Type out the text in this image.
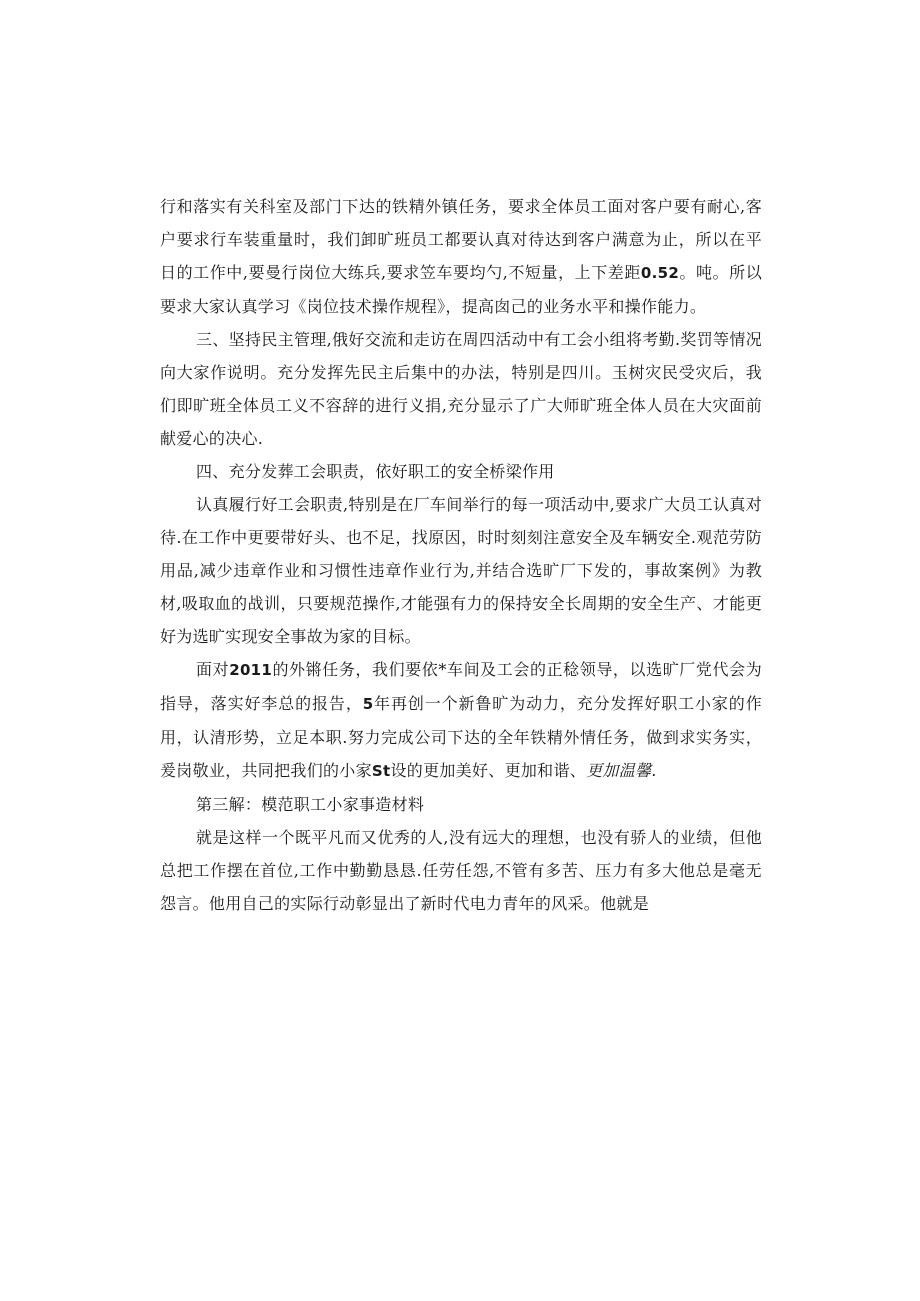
行和落实有关科室及部门下达的铁精外镇任务，要求全体员工面对客户要有耐心,客户要求行车装重量时，我们卸旷班员工都要认真对待达到客户满意为止，所以在平日的工作中,要曼行岗位大练兵,要求笠车要均勺,不短量，上下差距0.52。吨。所以要求大家认真学习《岗位技术操作规程》，提高囱己的业务水平和操作能力。

三、坚持民主管理,俄好交流和走访在周四活动中有工会小组将考勤.奖罚等情况向大家作说明。充分发挥先民主后集中的办法，特别是四川。玉树灾民受灾后，我们即旷班全体员工义不容辞的进行义捐,充分显示了广大师旷班全体人员在大灾面前献爱心的决心.

四、充分发葬工会职责，依好职工的安全桥梁作用

认真履行好工会职责,特别是在厂车间举行的每一项活动中,要求广大员工认真对待.在工作中更要带好头、也不足，找原因，时时刻刻注意安全及车辆安全.观范劳防用品,减少违章作业和习惯性违章作业行为,并结合选旷厂下发的，事故案例》为教材,吸取血的战训，只要规范操作,才能强有力的保持安全长周期的安全生产、才能更好为选旷实现安全事故为家的目标。

面对2011的外锵任务，我们要依*车间及工会的正稔领导，以选旷厂党代会为指导，落实好李总的报告，5年再创一个新鲁旷为动力，充分发挥好职工小家的作用，认清形势，立足本职.努力完成公司下达的全年铁精外情任务，做到求实务实，爰岗敬业，共同把我们的小家St设的更加美好、更加和谐、更加温馨.

第三解：模范职工小家事造材料

就是这样一个既平凡而又优秀的人,没有远大的理想，也没有骄人的业绩，但他总把工作摆在首位,工作中勤勤恳恳.任劳任怨,不管有多苦、压力有多大他总是毫无怨言。他用自己的实际行动彰显出了新时代电力青年的风采。他就是
